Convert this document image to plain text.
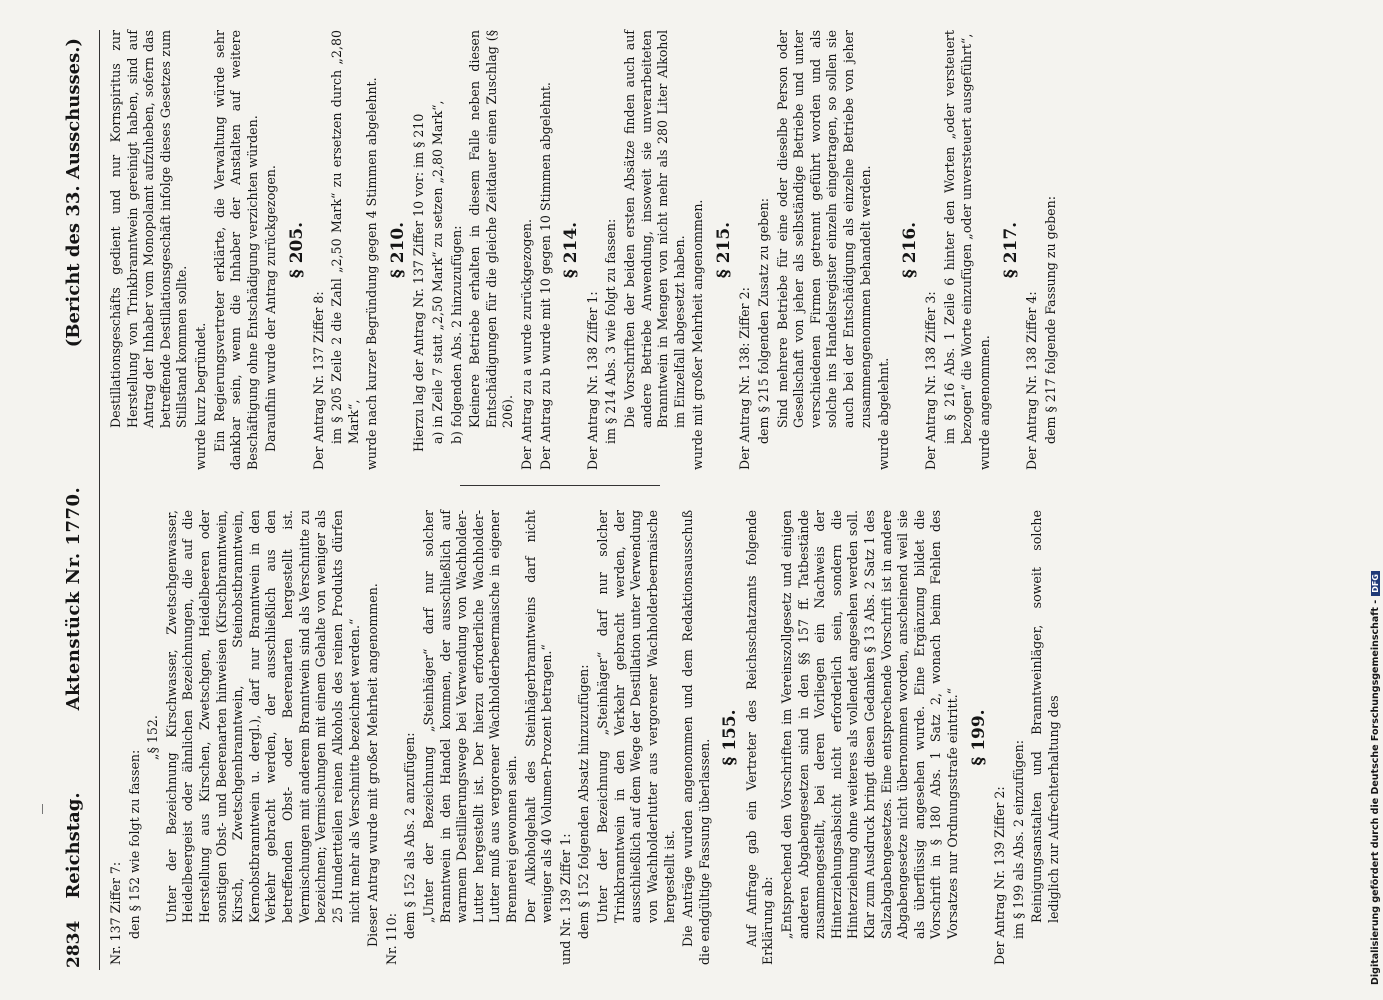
2834
Reichstag.
Aktenstück Nr. 1770.
(Bericht des 33. Ausschusses.)

Nr. 137 Ziffer 7: den § 152 wie folgt zu fassen:

„§ 152. Unter der Bezeichnung Kirschwasser, Zwetschgenwasser, Heidelbeergeist oder ähnlichen Bezeichnungen, die auf die Herstellung aus Kirschen, Zwetschgen, Heidelbeeren oder sonstigen Obst- und Beerenarten hinweisen (Kirschbranntwein, Kirsch, Zwetschgenbranntwein, Steinobstbranntwein, Kernobstbranntwein u. dergl.), darf nur Branntwein in den Verkehr gebracht werden, der ausschließlich aus den betreffenden Obst- oder Beerenarten hergestellt ist. Vermischungen mit anderem Branntwein sind als Verschnitte zu bezeichnen; Vermischungen mit einem Gehalte von weniger als 25 Hundertteilen reinen Alkohols des reinen Produkts dürfen nicht mehr als Verschnitte bezeichnet werden.“ Dieser Antrag wurde mit großer Mehrheit angenommen. Nr. 110:

dem § 152 als Abs. 2 anzufügen: „Unter der Bezeichnung „Steinhäger“ darf nur solcher Branntwein in den Handel kommen, der ausschließlich auf warmem Destillierungswege bei Verwendung von Wachholder-Lutter hergestellt ist. Der hierzu erforderliche Wachholder-Lutter muß aus vergorener Wachholderbeermaische in eigener Brennerei gewonnen sein. Der Alkoholgehalt des Steinhägerbranntweins darf nicht weniger als 40 Volumen-Prozent betragen.“ und Nr. 139 Ziffer 1: dem § 152 folgenden Absatz hinzuzufügen: Unter der Bezeichnung „Steinhäger“ darf nur solcher Trinkbranntwein in den Verkehr gebracht werden, der ausschließlich auf dem Wege der Destillation unter Verwendung von Wachholderlutter aus vergorener Wachholderbeermaische hergestellt ist. Die Anträge wurden angenommen und dem Redaktionsausschuß die endgültige Fassung überlassen.

§ 155. Auf Anfrage gab ein Vertreter des Reichsschatzamts folgende Erklärung ab: „Entsprechend den Vorschriften im Vereinszollgesetz und einigen anderen Abgabengesetzen sind in den §§ 157 ff. Tatbestände zusammengestellt, bei deren Vorliegen ein Nachweis der Hinterziehungsabsicht nicht erforderlich sein, sondern die Hinterziehung ohne weiteres als vollendet angesehen werden soll. Klar zum Ausdruck bringt diesen Gedanken § 13 Abs. 2 Satz 1 des Salzabgabengesetzes. Eine entsprechende Vorschrift ist in andere Abgabengesetze nicht übernommen worden, anscheinend weil sie als überflüssig angesehen wurde. Eine Ergänzung bildet die Vorschrift in § 180 Abs. 1 Satz 2, wonach beim Fehlen des Vorsatzes nur Ordnungsstrafe eintritt.“ § 199.

Der Antrag Nr. 139 Ziffer 2: im § 199 als Abs. 2 einzufügen: Reinigungsanstalten und Branntweinläger, soweit solche lediglich zur Aufrechterhaltung des

Destillationsgeschäfts gedient und nur Kornspiritus zur Herstellung von Trinkbranntwein gereinigt haben, sind auf Antrag der Inhaber vom Monopolamt aufzuheben, sofern das betreffende Destillationsgeschäft infolge dieses Gesetzes zum Stillstand kommen sollte. wurde kurz begründet. Ein Regierungsvertreter erklärte, die Verwaltung würde sehr dankbar sein, wenn die Inhaber der Anstalten auf weitere Beschäftigung ohne Entschädigung verzichten würden. Daraufhin wurde der Antrag zurückgezogen. § 205.

Der Antrag Nr. 137 Ziffer 8: im § 205 Zeile 2 die Zahl „2,50 Mark“ zu ersetzen durch „2,80 Mark“, wurde nach kurzer Begründung gegen 4 Stimmen abgelehnt. § 210. Hierzu lag der Antrag Nr. 137 Ziffer 10 vor: im § 210 a) in Zeile 7 statt „2,50 Mark“ zu setzen „2,80 Mark“, b) folgenden Abs. 2 hinzuzufügen: Kleinere Betriebe erhalten in diesem Falle neben diesen Entschädigungen für die gleiche Zeitdauer einen Zuschlag (§ 206). Der Antrag zu a wurde zurückgezogen. Der Antrag zu b wurde mit 10 gegen 10 Stimmen abgelehnt. § 214.

Der Antrag Nr. 138 Ziffer 1: im § 214 Abs. 3 wie folgt zu fassen: Die Vorschriften der beiden ersten Absätze finden auch auf andere Betriebe Anwendung, insoweit sie unverarbeiteten Branntwein in Mengen von nicht mehr als 280 Liter Alkohol im Einzelfall abgesetzt haben. wurde mit großer Mehrheit angenommen. § 215.

Der Antrag Nr. 138: Ziffer 2: dem § 215 folgenden Zusatz zu geben: Sind mehrere Betriebe für eine oder dieselbe Person oder Gesellschaft von jeher als selbständige Betriebe und unter verschiedenen Firmen getrennt geführt worden und als solche ins Handelsregister einzeln eingetragen, so sollen sie auch bei der Entschädigung als einzelne Betriebe von jeher zusammengenommen behandelt werden. wurde abgelehnt.

§ 216.

Der Antrag Nr. 138 Ziffer 3: im § 216 Abs. 1 Zeile 6 hinter den Worten „oder versteuert bezogen“ die Worte einzufügen „oder unversteuert ausgeführt“, wurde angenommen.

§ 217.

Der Antrag Nr. 138 Ziffer 4: dem § 217 folgende Fassung zu geben:

Digitalisierung gefördert durch die Deutsche Forschungsgemeinschaft -
DFG
